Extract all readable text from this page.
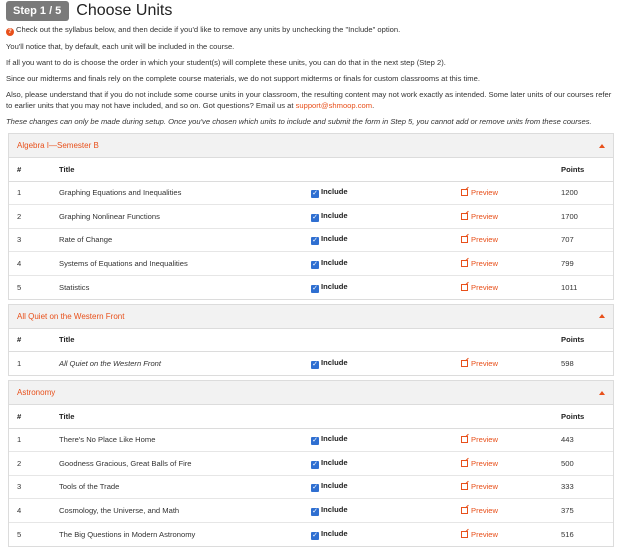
Step 1 / 5 Choose Units

? Check out the syllabus below, and then decide if you'd like to remove any units by unchecking the "Include" option.

You'll notice that, by default, each unit will be included in the course.

If all you want to do is choose the order in which your student(s) will complete these units, you can do that in the next step (Step 2).

Since our midterms and finals rely on the complete course materials, we do not support midterms or finals for custom classrooms at this time.

Also, please understand that if you do not include some course units in your classroom, the resulting content may not work exactly as intended. Some later units of our courses refer to earlier units that you may not have included, and so on. Got questions? Email us at support@shmoop.com.

These changes can only be made during setup. Once you've chosen which units to include and submit the form in Step 5, you cannot add or remove units from these courses.

Algebra I—Semester B
#	Title			Points
1	Graphing Equations and Inequalities	✓ Include	Preview	1200
2	Graphing Nonlinear Functions	✓ Include	Preview	1700
3	Rate of Change	✓ Include	Preview	707
4	Systems of Equations and Inequalities	✓ Include	Preview	799
5	Statistics	✓ Include	Preview	1011
All Quiet on the Western Front
#	Title			Points
1	All Quiet on the Western Front	✓ Include	Preview	598
Astronomy
#	Title			Points
1	There's No Place Like Home	✓ Include	Preview	443
2	Goodness Gracious, Great Balls of Fire	✓ Include	Preview	500
3	Tools of the Trade	✓ Include	Preview	333
4	Cosmology, the Universe, and Math	✓ Include	Preview	375
5	The Big Questions in Modern Astronomy	✓ Include	Preview	516
